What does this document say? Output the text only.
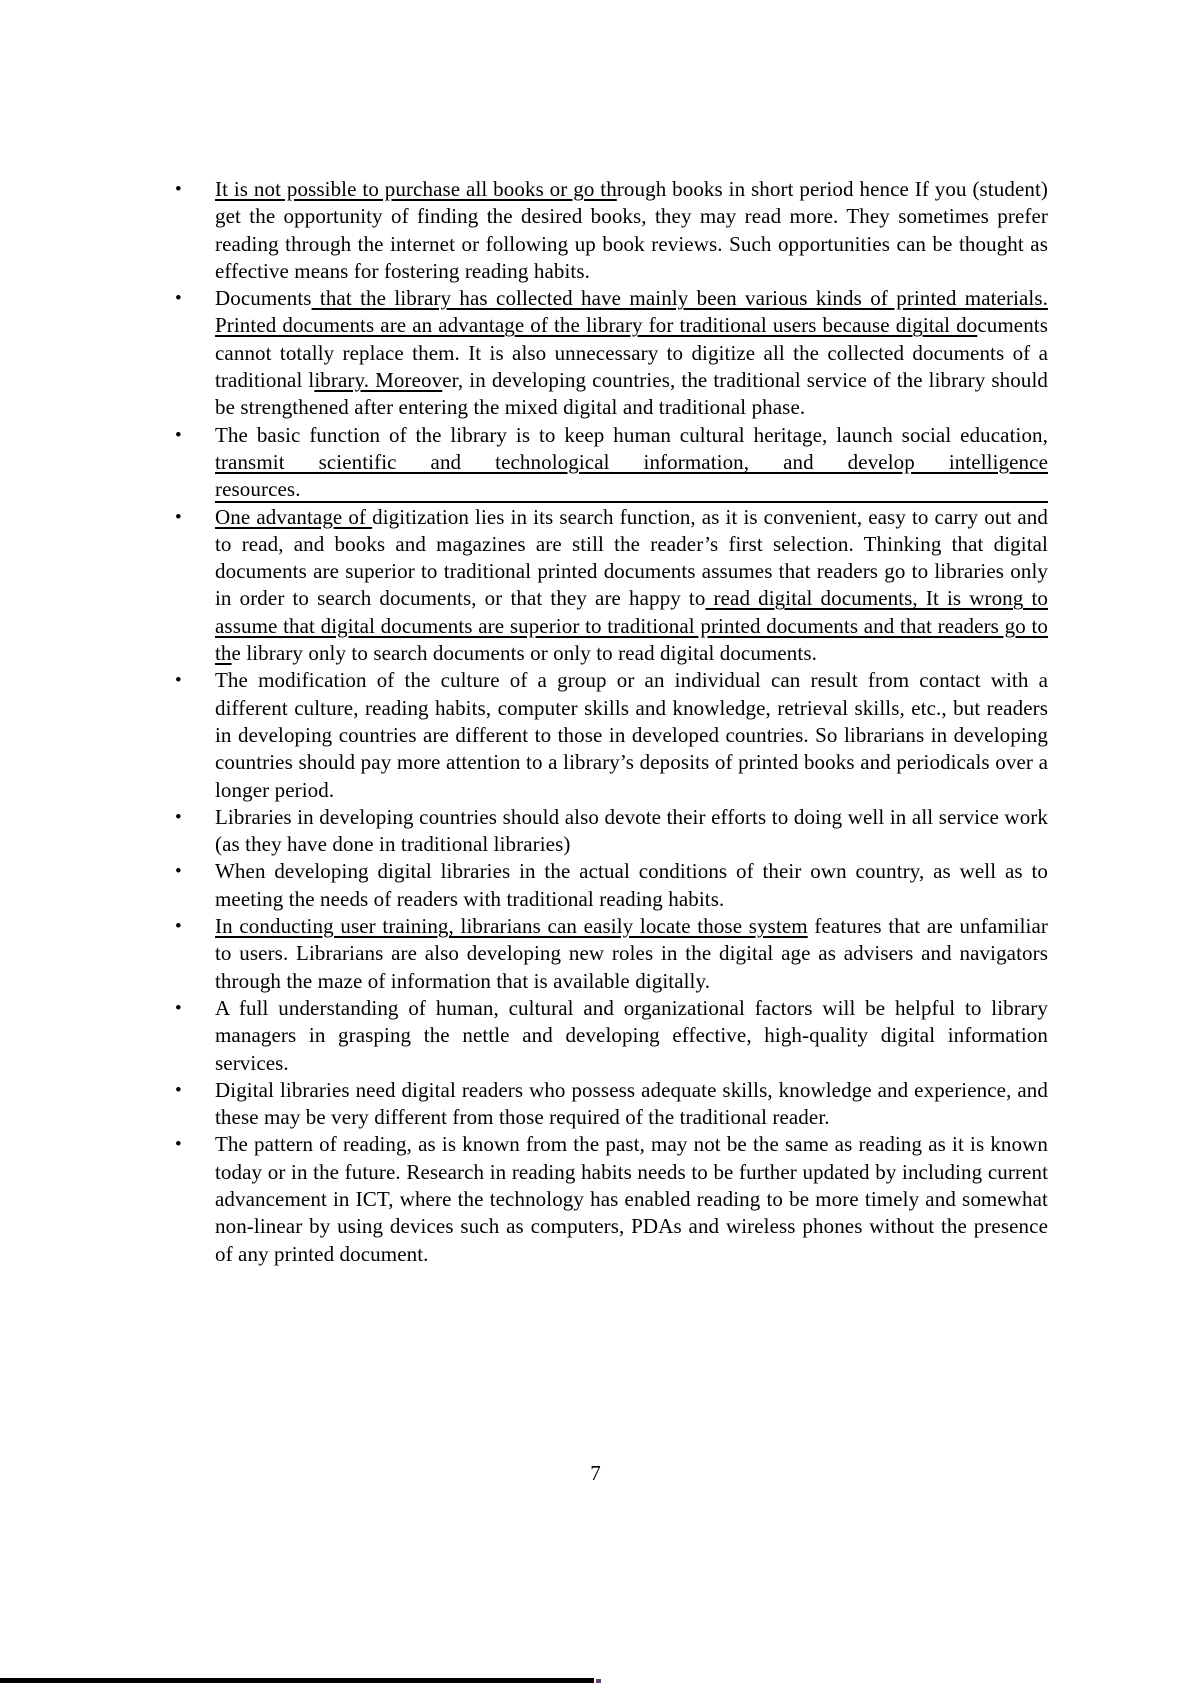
• It is not possible to purchase all books or go through books in short period hence If you (student) get the opportunity of finding the desired books, they may read more. They sometimes prefer reading through the internet or following up book reviews. Such opportunities can be thought as effective means for fostering reading habits.
• Documents that the library has collected have mainly been various kinds of printed materials. Printed documents are an advantage of the library for traditional users because digital documents cannot totally replace them. It is also unnecessary to digitize all the collected documents of a traditional library. Moreover, in developing countries, the traditional service of the library should be strengthened after entering the mixed digital and traditional phase.
• The basic function of the library is to keep human cultural heritage, launch social education, transmit scientific and technological information, and develop intelligence resources.
• One advantage of digitization lies in its search function, as it is convenient, easy to carry out and to read, and books and magazines are still the reader’s first selection. Thinking that digital documents are superior to traditional printed documents assumes that readers go to libraries only in order to search documents, or that they are happy to read digital documents, It is wrong to assume that digital documents are superior to traditional printed documents and that readers go to the library only to search documents or only to read digital documents.
• The modification of the culture of a group or an individual can result from contact with a different culture, reading habits, computer skills and knowledge, retrieval skills, etc., but readers in developing countries are different to those in developed countries. So librarians in developing countries should pay more attention to a library’s deposits of printed books and periodicals over a longer period.
• Libraries in developing countries should also devote their efforts to doing well in all service work (as they have done in traditional libraries)
• When developing digital libraries in the actual conditions of their own country, as well as to meeting the needs of readers with traditional reading habits.
• In conducting user training, librarians can easily locate those system features that are unfamiliar to users. Librarians are also developing new roles in the digital age as advisers and navigators through the maze of information that is available digitally.
• A full understanding of human, cultural and organizational factors will be helpful to library managers in grasping the nettle and developing effective, high-quality digital information services.
• Digital libraries need digital readers who possess adequate skills, knowledge and experience, and these may be very different from those required of the traditional reader.
• The pattern of reading, as is known from the past, may not be the same as reading as it is known today or in the future. Research in reading habits needs to be further updated by including current advancement in ICT, where the technology has enabled reading to be more timely and somewhat non-linear by using devices such as computers, PDAs and wireless phones without the presence of any printed document.
7
